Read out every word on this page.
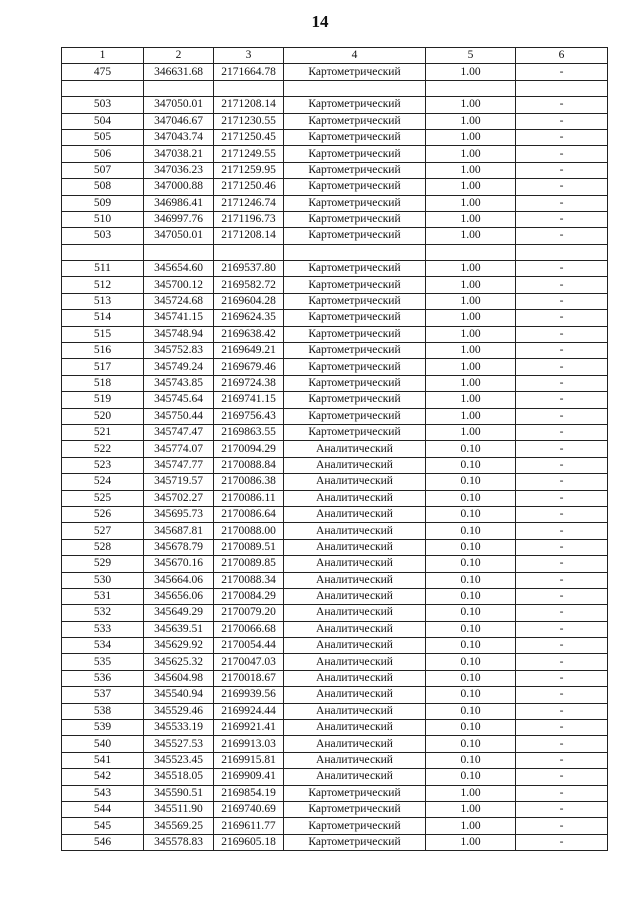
14
1	2	3	4	5	6
475	346631.68	2171664.78	Картометрический	1.00	-

503	347050.01	2171208.14	Картометрический	1.00	-
504	347046.67	2171230.55	Картометрический	1.00	-
505	347043.74	2171250.45	Картометрический	1.00	-
506	347038.21	2171249.55	Картометрический	1.00	-
507	347036.23	2171259.95	Картометрический	1.00	-
508	347000.88	2171250.46	Картометрический	1.00	-
509	346986.41	2171246.74	Картометрический	1.00	-
510	346997.76	2171196.73	Картометрический	1.00	-
503	347050.01	2171208.14	Картометрический	1.00	-

511	345654.60	2169537.80	Картометрический	1.00	-
512	345700.12	2169582.72	Картометрический	1.00	-
513	345724.68	2169604.28	Картометрический	1.00	-
514	345741.15	2169624.35	Картометрический	1.00	-
515	345748.94	2169638.42	Картометрический	1.00	-
516	345752.83	2169649.21	Картометрический	1.00	-
517	345749.24	2169679.46	Картометрический	1.00	-
518	345743.85	2169724.38	Картометрический	1.00	-
519	345745.64	2169741.15	Картометрический	1.00	-
520	345750.44	2169756.43	Картометрический	1.00	-
521	345747.47	2169863.55	Картометрический	1.00	-
522	345774.07	2170094.29	Аналитический	0.10	-
523	345747.77	2170088.84	Аналитический	0.10	-
524	345719.57	2170086.38	Аналитический	0.10	-
525	345702.27	2170086.11	Аналитический	0.10	-
526	345695.73	2170086.64	Аналитический	0.10	-
527	345687.81	2170088.00	Аналитический	0.10	-
528	345678.79	2170089.51	Аналитический	0.10	-
529	345670.16	2170089.85	Аналитический	0.10	-
530	345664.06	2170088.34	Аналитический	0.10	-
531	345656.06	2170084.29	Аналитический	0.10	-
532	345649.29	2170079.20	Аналитический	0.10	-
533	345639.51	2170066.68	Аналитический	0.10	-
534	345629.92	2170054.44	Аналитический	0.10	-
535	345625.32	2170047.03	Аналитический	0.10	-
536	345604.98	2170018.67	Аналитический	0.10	-
537	345540.94	2169939.56	Аналитический	0.10	-
538	345529.46	2169924.44	Аналитический	0.10	-
539	345533.19	2169921.41	Аналитический	0.10	-
540	345527.53	2169913.03	Аналитический	0.10	-
541	345523.45	2169915.81	Аналитический	0.10	-
542	345518.05	2169909.41	Аналитический	0.10	-
543	345590.51	2169854.19	Картометрический	1.00	-
544	345511.90	2169740.69	Картометрический	1.00	-
545	345569.25	2169611.77	Картометрический	1.00	-
546	345578.83	2169605.18	Картометрический	1.00	-
